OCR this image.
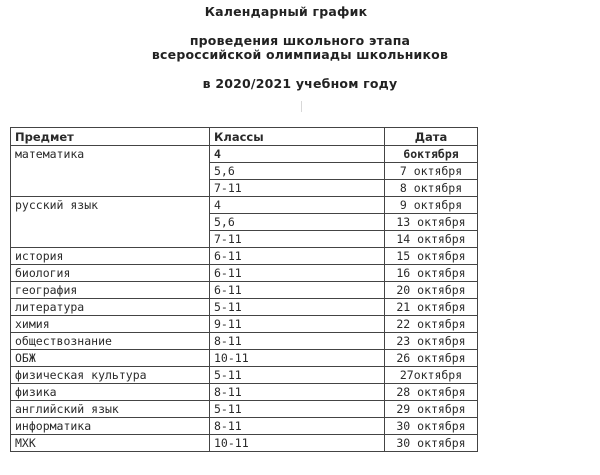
Календарный график
проведения школьного этапа
всероссийской олимпиады школьников
в 2020/2021 учебном году
Предмет	Классы	Дата
математика	4	6октября
	5,6	7 октября
	7-11	8 октября
русский язык	4	9 октября
	5,6	13 октября
	7-11	14 октября
история	6-11	15 октября
биология	6-11	16 октября
география	6-11	20 октября
литература	5-11	21 октября
химия	9-11	22 октября
обществознание	8-11	23 октября
ОБЖ	10-11	26 октября
физическая культура	5-11	27октября
физика	8-11	28 октября
английский язык	5-11	29 октября
информатика	8-11	30 октября
МХК	10-11	30 октября
